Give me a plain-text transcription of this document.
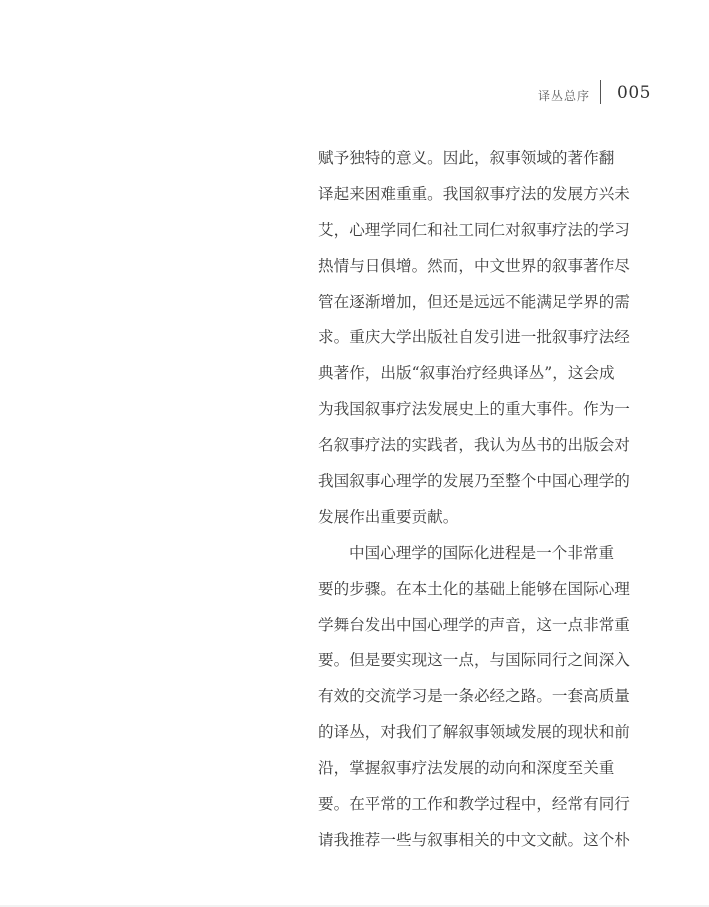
译丛总序 005
赋予独特的意义。因此，叙事领域的著作翻
译起来困难重重。我国叙事疗法的发展方兴未
艾，心理学同仁和社工同仁对叙事疗法的学习
热情与日俱增。然而，中文世界的叙事著作尽
管在逐渐增加，但还是远远不能满足学界的需
求。重庆大学出版社自发引进一批叙事疗法经
典著作，出版“叙事治疗经典译丛”，这会成
为我国叙事疗法发展史上的重大事件。作为一
名叙事疗法的实践者，我认为丛书的出版会对
我国叙事心理学的发展乃至整个中国心理学的
发展作出重要贡献。
中国心理学的国际化进程是一个非常重
要的步骤。在本土化的基础上能够在国际心理
学舞台发出中国心理学的声音，这一点非常重
要。但是要实现这一点，与国际同行之间深入
有效的交流学习是一条必经之路。一套高质量
的译丛，对我们了解叙事领域发展的现状和前
沿，掌握叙事疗法发展的动向和深度至关重
要。在平常的工作和教学过程中，经常有同行
请我推荐一些与叙事相关的中文文献。这个朴
